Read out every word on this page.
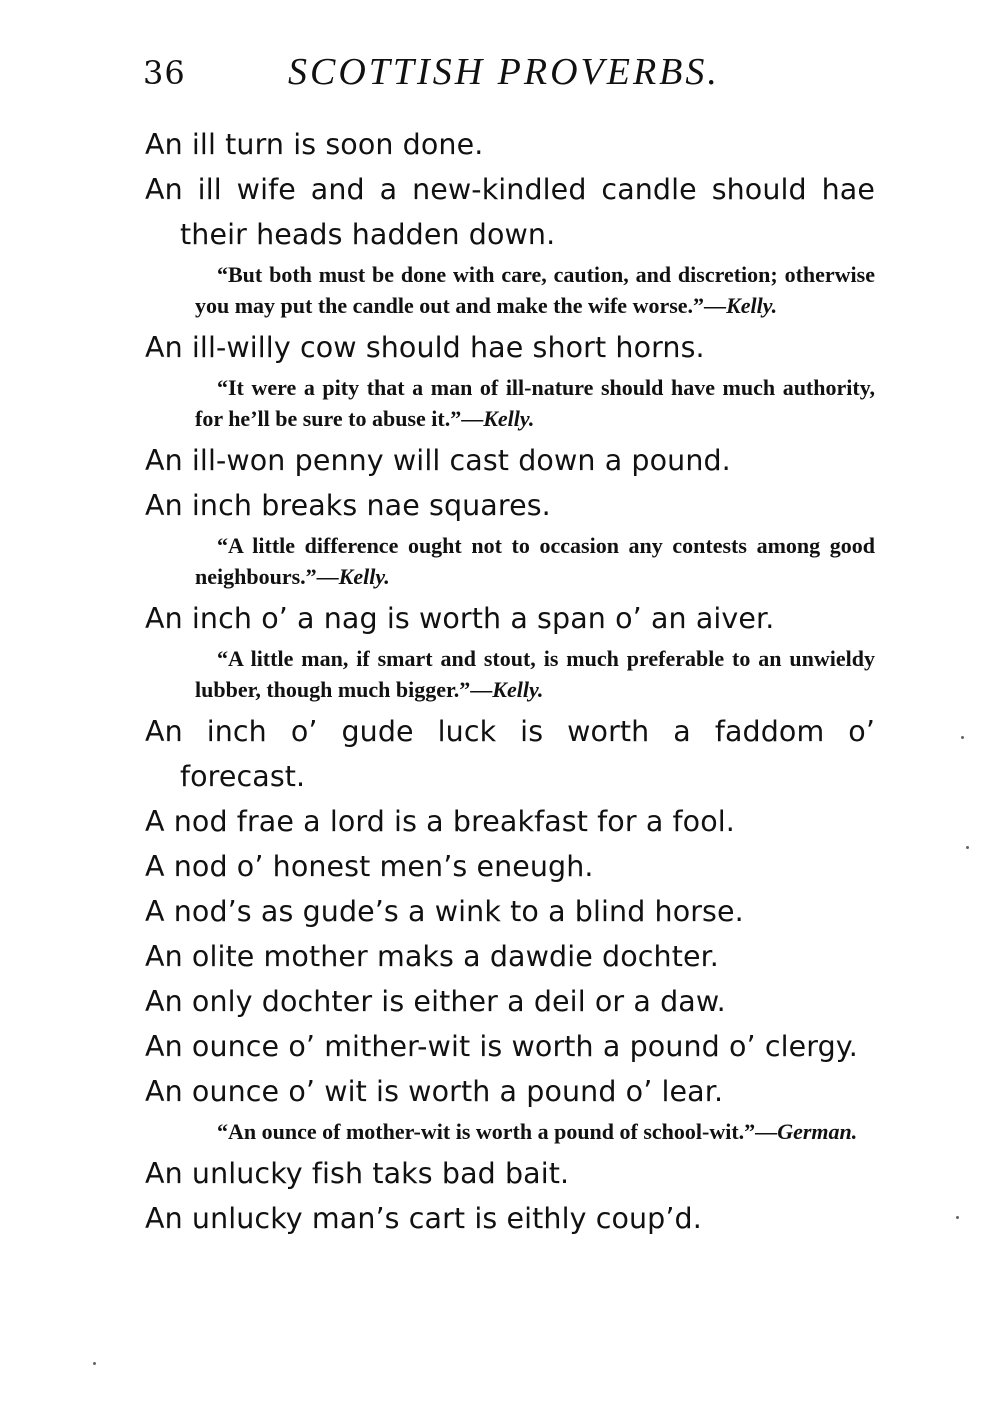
36	SCOTTISH PROVERBS.

An ill turn is soon done.

An ill wife and a new-kindled candle should hae their heads hadden down.

“But both must be done with care, caution, and discretion; otherwise you may put the candle out and make the wife worse.”—Kelly.

An ill-willy cow should hae short horns.

“It were a pity that a man of ill-nature should have much authority, for he’ll be sure to abuse it.”—Kelly.

An ill-won penny will cast down a pound.

An inch breaks nae squares.

“A little difference ought not to occasion any contests among good neighbours.”—Kelly.

An inch o’ a nag is worth a span o’ an aiver.

“A little man, if smart and stout, is much preferable to an unwieldy lubber, though much bigger.”—Kelly.

An inch o’ gude luck is worth a faddom o’ forecast.

A nod frae a lord is a breakfast for a fool.

A nod o’ honest men’s eneugh.

A nod’s as gude’s a wink to a blind horse.

An olite mother maks a dawdie dochter.

An only dochter is either a deil or a daw.

An ounce o’ mither-wit is worth a pound o’ clergy.

An ounce o’ wit is worth a pound o’ lear.

“An ounce of mother-wit is worth a pound of school-wit.”—German.

An unlucky fish taks bad bait.

An unlucky man’s cart is eithly coup’d.
